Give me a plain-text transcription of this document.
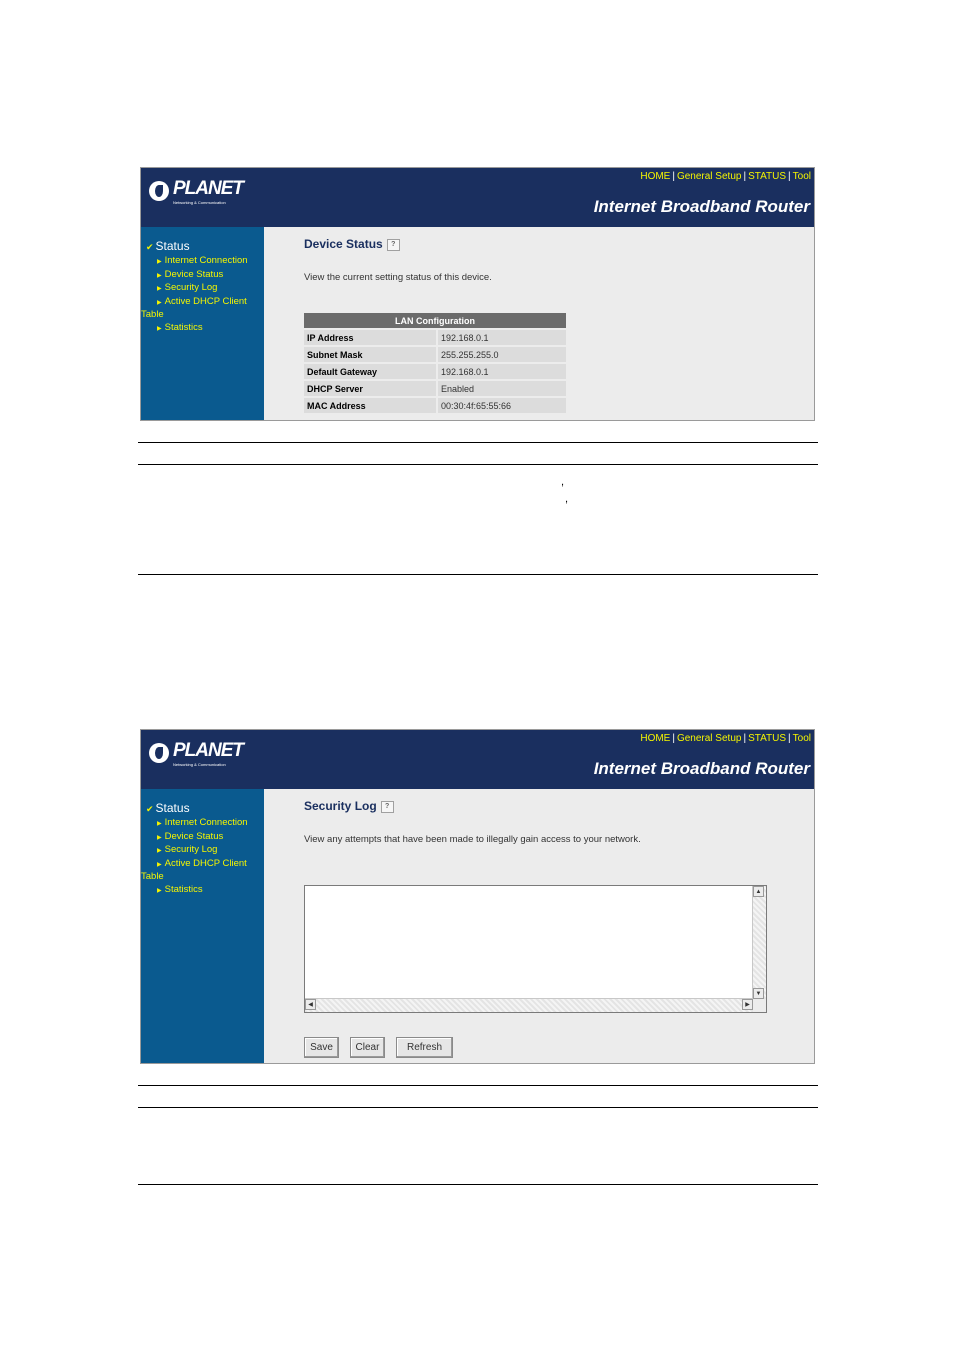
PLANET
Networking & Communication
HOME | General Setup | STATUS | Tool
Internet Broadband Router
✔ Status
▶ Internet Connection
▶ Device Status
▶ Security Log
▶ Active DHCP Client
Table
▶ Statistics
Device Status ?
View the current setting status of this device.
LAN Configuration	
IP Address	192.168.0.1
Subnet Mask	255.255.255.0
Default Gateway	192.168.0.1
DHCP Server	Enabled
MAC Address	00:30:4f:65:55:66
,
,
PLANET
Networking & Communication
HOME | General Setup | STATUS | Tool
Internet Broadband Router
✔ Status
▶ Internet Connection
▶ Device Status
▶ Security Log
▶ Active DHCP Client
Table
▶ Statistics
Security Log ?
View any attempts that have been made to illegally gain access to your network.
▲
▼
◀	▶
Save	Clear	Refresh
